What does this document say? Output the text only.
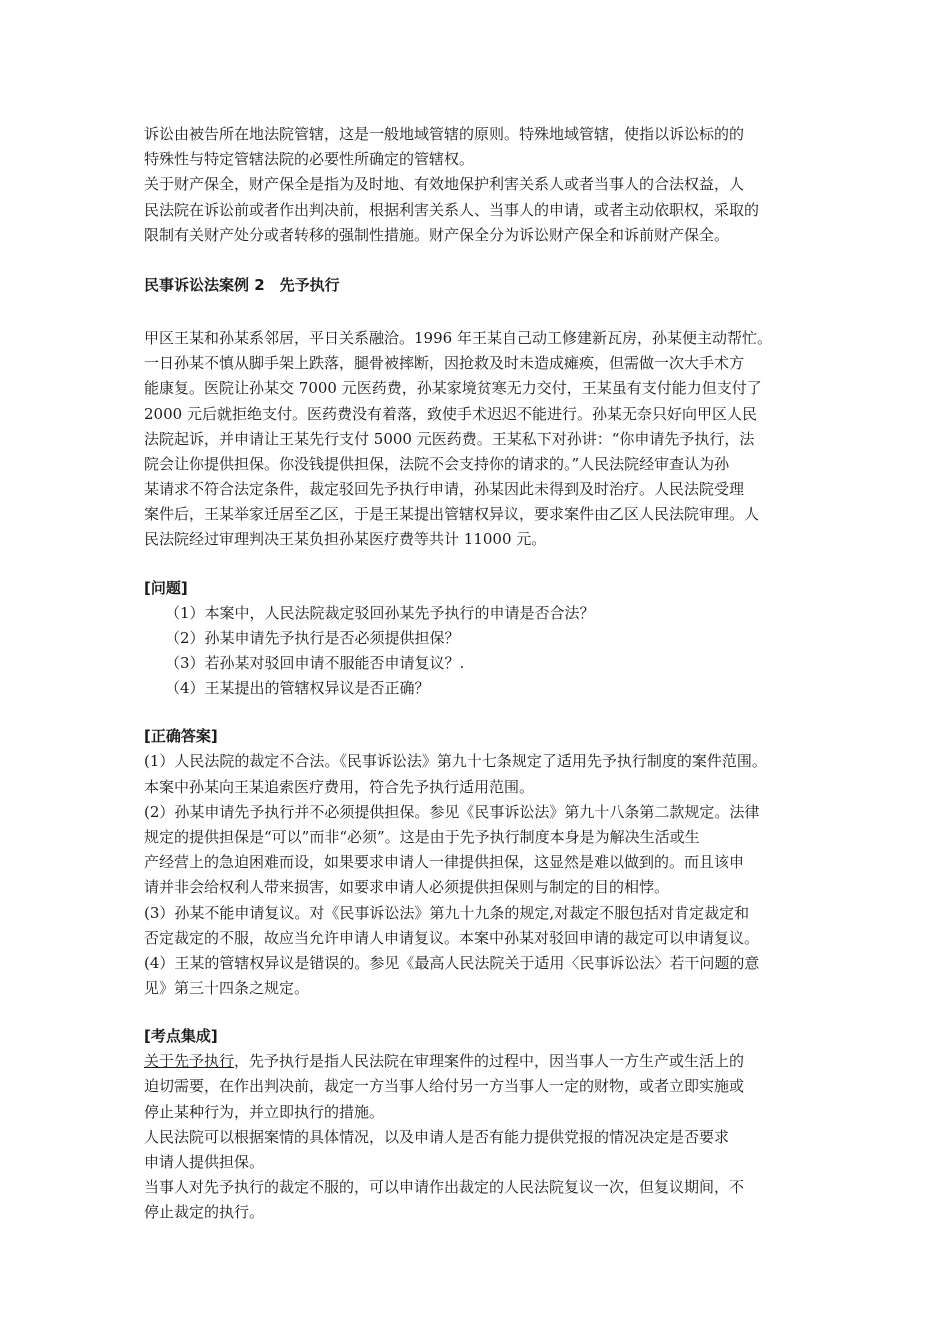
诉讼由被告所在地法院管辖，这是一般地域管辖的原则。特殊地域管辖，使指以诉讼标的的
特殊性与特定管辖法院的必要性所确定的管辖权。
关于财产保全，财产保全是指为及时地、有效地保护利害关系人或者当事人的合法权益，人
民法院在诉讼前或者作出判决前，根据利害关系人、当事人的申请，或者主动依职权，采取的
限制有关财产处分或者转移的强制性措施。财产保全分为诉讼财产保全和诉前财产保全。
民事诉讼法案例 2　先予执行
甲区王某和孙某系邻居，平日关系融洽。1996 年王某自己动工修建新瓦房，孙某便主动帮忙。
一日孙某不慎从脚手架上跌落，腿骨被摔断，因抢救及时未造成瘫痪，但需做一次大手术方
能康复。医院让孙某交 7000 元医药费，孙某家境贫寒无力交付，王某虽有支付能力但支付了
2000 元后就拒绝支付。医药费没有着落，致使手术迟迟不能进行。孙某无奈只好向甲区人民
法院起诉，并申请让王某先行支付 5000 元医药费。王某私下对孙讲：“你申请先予执行，法
院会让你提供担保。你没钱提供担保，法院不会支持你的请求的。”人民法院经审查认为孙
某请求不符合法定条件，裁定驳回先予执行申请，孙某因此未得到及时治疗。人民法院受理
案件后，王某举家迁居至乙区，于是王某提出管辖权异议，要求案件由乙区人民法院审理。人
民法院经过审理判决王某负担孙某医疗费等共计 11000 元。
[问题]
（1）本案中，人民法院裁定驳回孙某先予执行的申请是否合法？
（2）孙某申请先予执行是否必须提供担保？
（3）若孙某对驳回申请不服能否申请复议？.
（4）王某提出的管辖权异议是否正确？
[正确答案]
(1）人民法院的裁定不合法。《民事诉讼法》第九十七条规定了适用先予执行制度的案件范围。
本案中孙某向王某追索医疗费用，符合先予执行适用范围。
(2）孙某申请先予执行并不必须提供担保。参见《民事诉讼法》第九十八条第二款规定。法律
规定的提供担保是“可以”而非“必须”。这是由于先予执行制度本身是为解决生活或生
产经营上的急迫困难而设，如果要求申请人一律提供担保，这显然是难以做到的。而且该申
请并非会给权利人带来损害，如要求申请人必须提供担保则与制定的目的相悖。
(3）孙某不能申请复议。对《民事诉讼法》第九十九条的规定,对裁定不服包括对肯定裁定和
否定裁定的不服，故应当允许申请人申请复议。本案中孙某对驳回申请的裁定可以申请复议。
(4）王某的管辖权异议是错误的。参见《最高人民法院关于适用〈民事诉讼法〉若干问题的意
见》第三十四条之规定。
[考点集成]
关于先予执行，先予执行是指人民法院在审理案件的过程中，因当事人一方生产或生活上的
迫切需要，在作出判决前，裁定一方当事人给付另一方当事人一定的财物，或者立即实施或
停止某种行为，并立即执行的措施。
人民法院可以根据案情的具体情况，以及申请人是否有能力提供党报的情况决定是否要求
申请人提供担保。
当事人对先予执行的裁定不服的，可以申请作出裁定的人民法院复议一次，但复议期间，不
停止裁定的执行。
